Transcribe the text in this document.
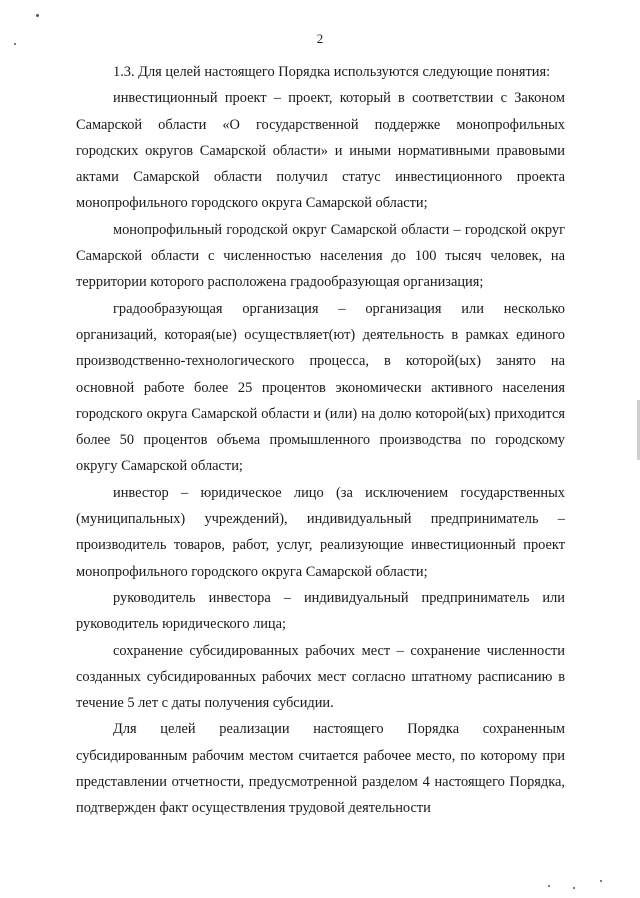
2

1.3. Для целей настоящего Порядка используются следующие понятия:

инвестиционный проект – проект, который в соответствии с Законом Самарской области «О государственной поддержке монопрофильных городских округов Самарской области» и иными нормативными правовыми актами Самарской области получил статус инвестиционного проекта монопрофильного городского округа Самарской области;

монопрофильный городской округ Самарской области – городской округ Самарской области с численностью населения до 100 тысяч человек, на территории которого расположена градообразующая организация;

градообразующая организация – организация или несколько организаций, которая(ые) осуществляет(ют) деятельность в рамках единого производственно-технологического процесса, в которой(ых) занято на основной работе более 25 процентов экономически активного населения городского округа Самарской области и (или) на долю которой(ых) приходится более 50 процентов объема промышленного производства по городскому округу Самарской области;

инвестор – юридическое лицо (за исключением государственных (муниципальных) учреждений), индивидуальный предприниматель – производитель товаров, работ, услуг, реализующие инвестиционный проект монопрофильного городского округа Самарской области;

руководитель инвестора – индивидуальный предприниматель или руководитель юридического лица;

сохранение субсидированных рабочих мест – сохранение численности созданных субсидированных рабочих мест согласно штатному расписанию в течение 5 лет с даты получения субсидии.

Для целей реализации настоящего Порядка сохраненным субсидированным рабочим местом считается рабочее место, по которому при представлении отчетности, предусмотренной разделом 4 настоящего Порядка, подтвержден факт осуществления трудовой деятельности
